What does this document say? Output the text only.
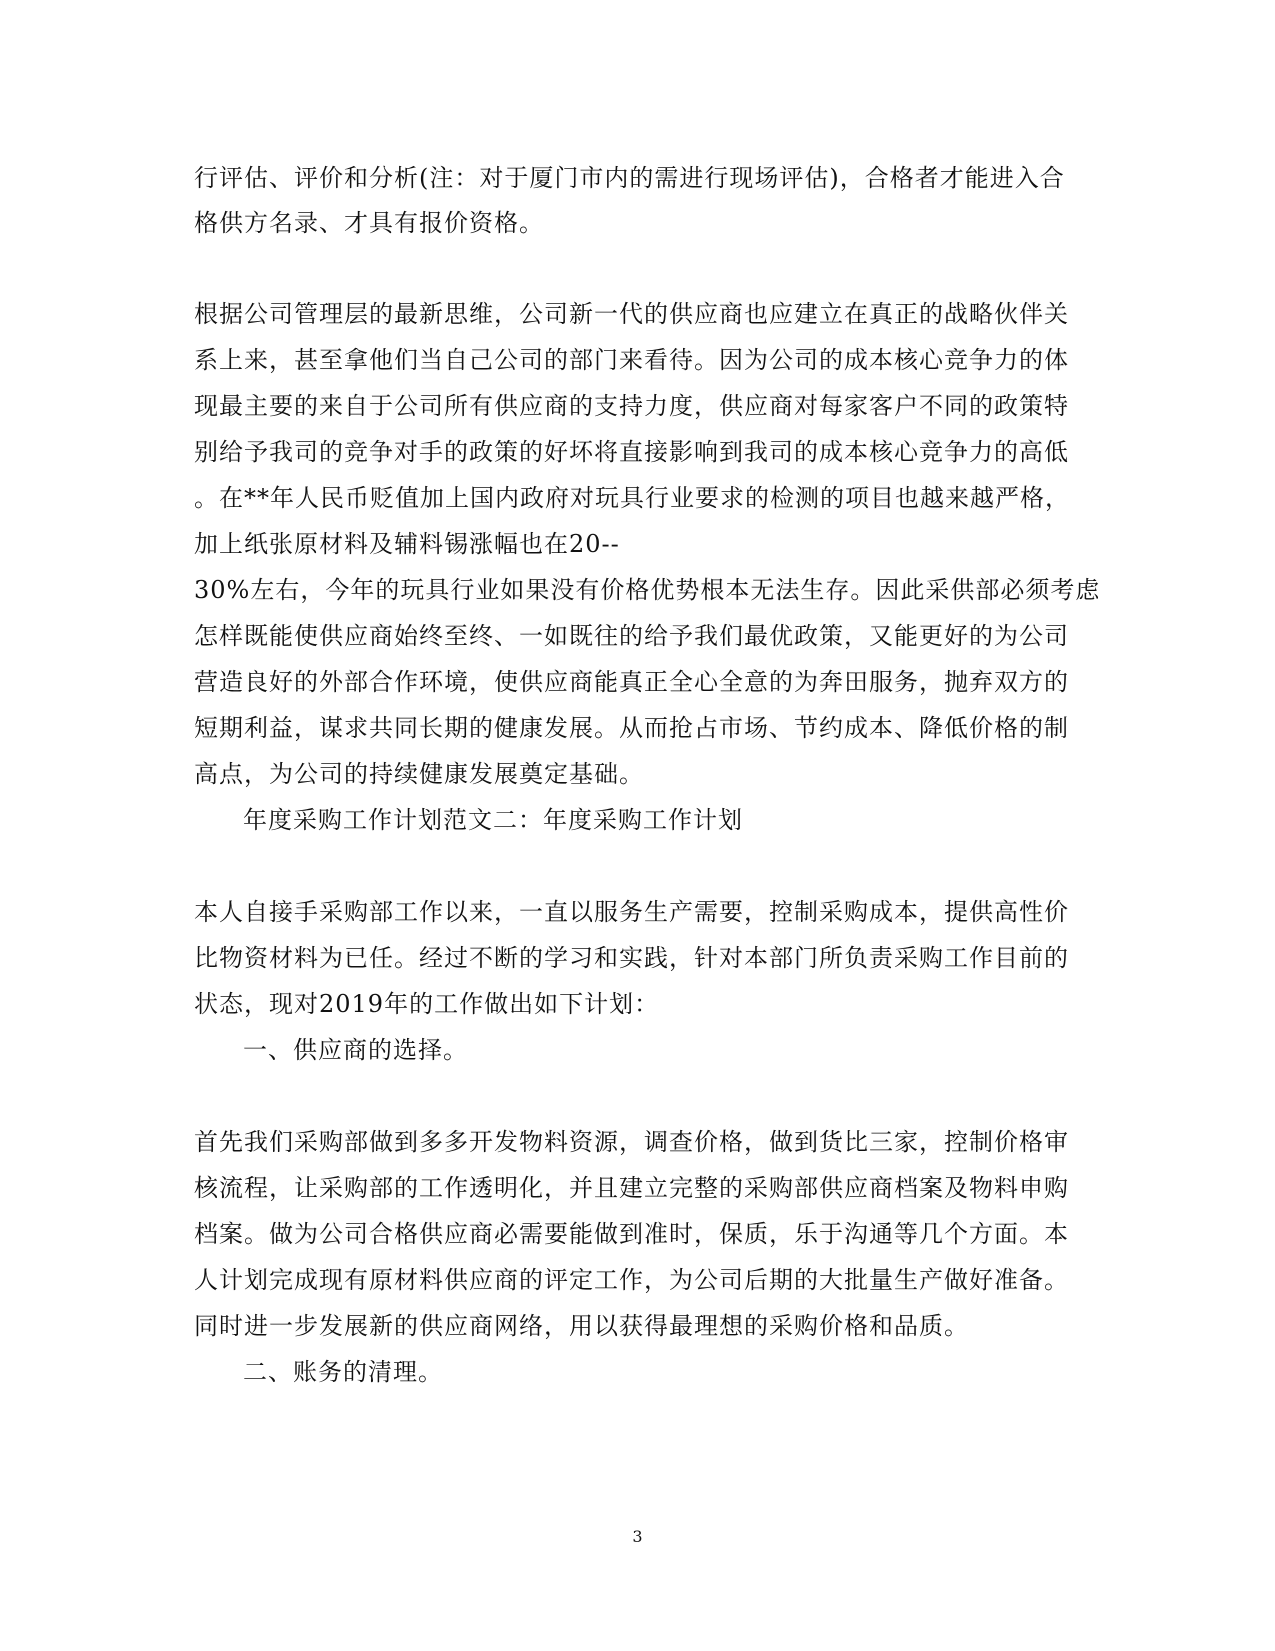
行评估、评价和分析(注：对于厦门市内的需进行现场评估)，合格者才能进入合
格供方名录、才具有报价资格。
根据公司管理层的最新思维，公司新一代的供应商也应建立在真正的战略伙伴关
系上来，甚至拿他们当自己公司的部门来看待。因为公司的成本核心竞争力的体
现最主要的来自于公司所有供应商的支持力度，供应商对每家客户不同的政策特
别给予我司的竞争对手的政策的好坏将直接影响到我司的成本核心竞争力的高低
。在**年人民币贬值加上国内政府对玩具行业要求的检测的项目也越来越严格，
加上纸张原材料及辅料锡涨幅也在20--
30%左右，今年的玩具行业如果没有价格优势根本无法生存。因此采供部必须考虑
怎样既能使供应商始终至终、一如既往的给予我们最优政策，又能更好的为公司
营造良好的外部合作环境，使供应商能真正全心全意的为奔田服务，抛弃双方的
短期利益，谋求共同长期的健康发展。从而抢占市场、节约成本、降低价格的制
高点，为公司的持续健康发展奠定基础。
年度采购工作计划范文二：年度采购工作计划
本人自接手采购部工作以来，一直以服务生产需要，控制采购成本，提供高性价
比物资材料为已任。经过不断的学习和实践，针对本部门所负责采购工作目前的
状态，现对2019年的工作做出如下计划：
一、供应商的选择。
首先我们采购部做到多多开发物料资源，调查价格，做到货比三家，控制价格审
核流程，让采购部的工作透明化，并且建立完整的采购部供应商档案及物料申购
档案。做为公司合格供应商必需要能做到准时，保质，乐于沟通等几个方面。本
人计划完成现有原材料供应商的评定工作，为公司后期的大批量生产做好准备。
同时进一步发展新的供应商网络，用以获得最理想的采购价格和品质。
二、账务的清理。
3
